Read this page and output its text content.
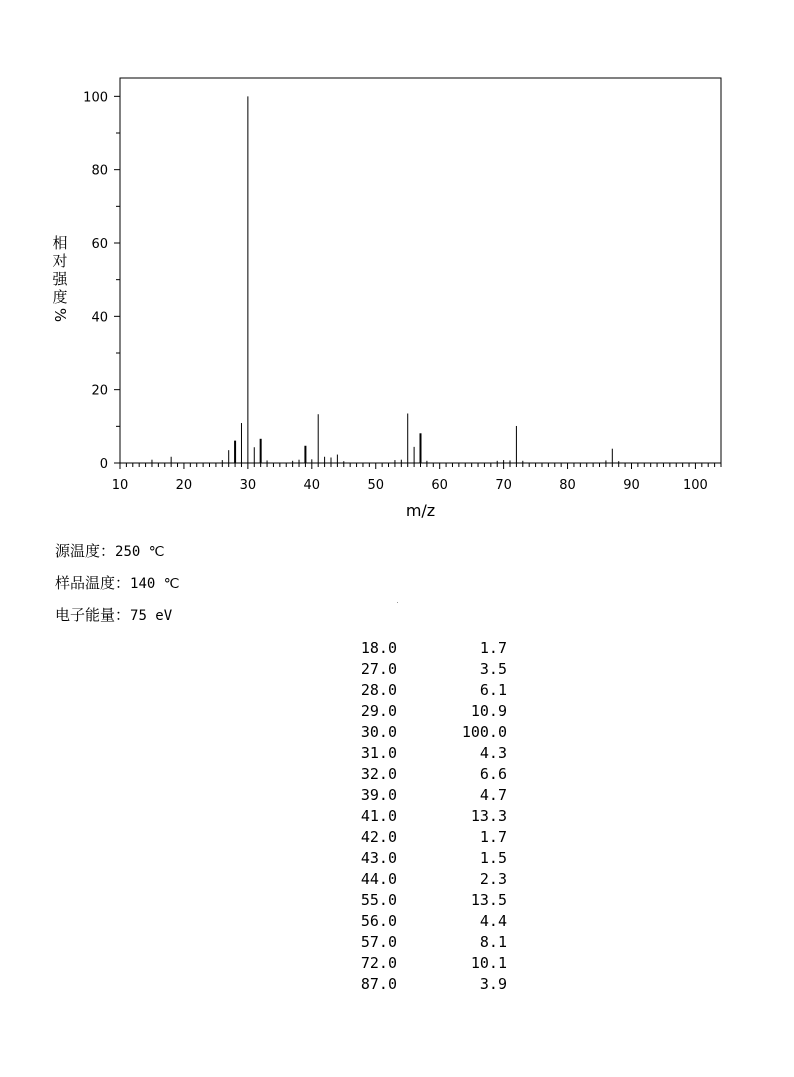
10	20	30	40	50	60	70	80	90	100
0
20
40
60
80
100
m/z
相
对
强
度
%
源温度：250 ℃
样品温度：140 ℃
电子能量：75 eV
18.0	1.7
27.0	3.5
28.0	6.1
29.0	10.9
30.0	100.0
31.0	4.3
32.0	6.6
39.0	4.7
41.0	13.3
42.0	1.7
43.0	1.5
44.0	2.3
55.0	13.5
56.0	4.4
57.0	8.1
72.0	10.1
87.0	3.9
